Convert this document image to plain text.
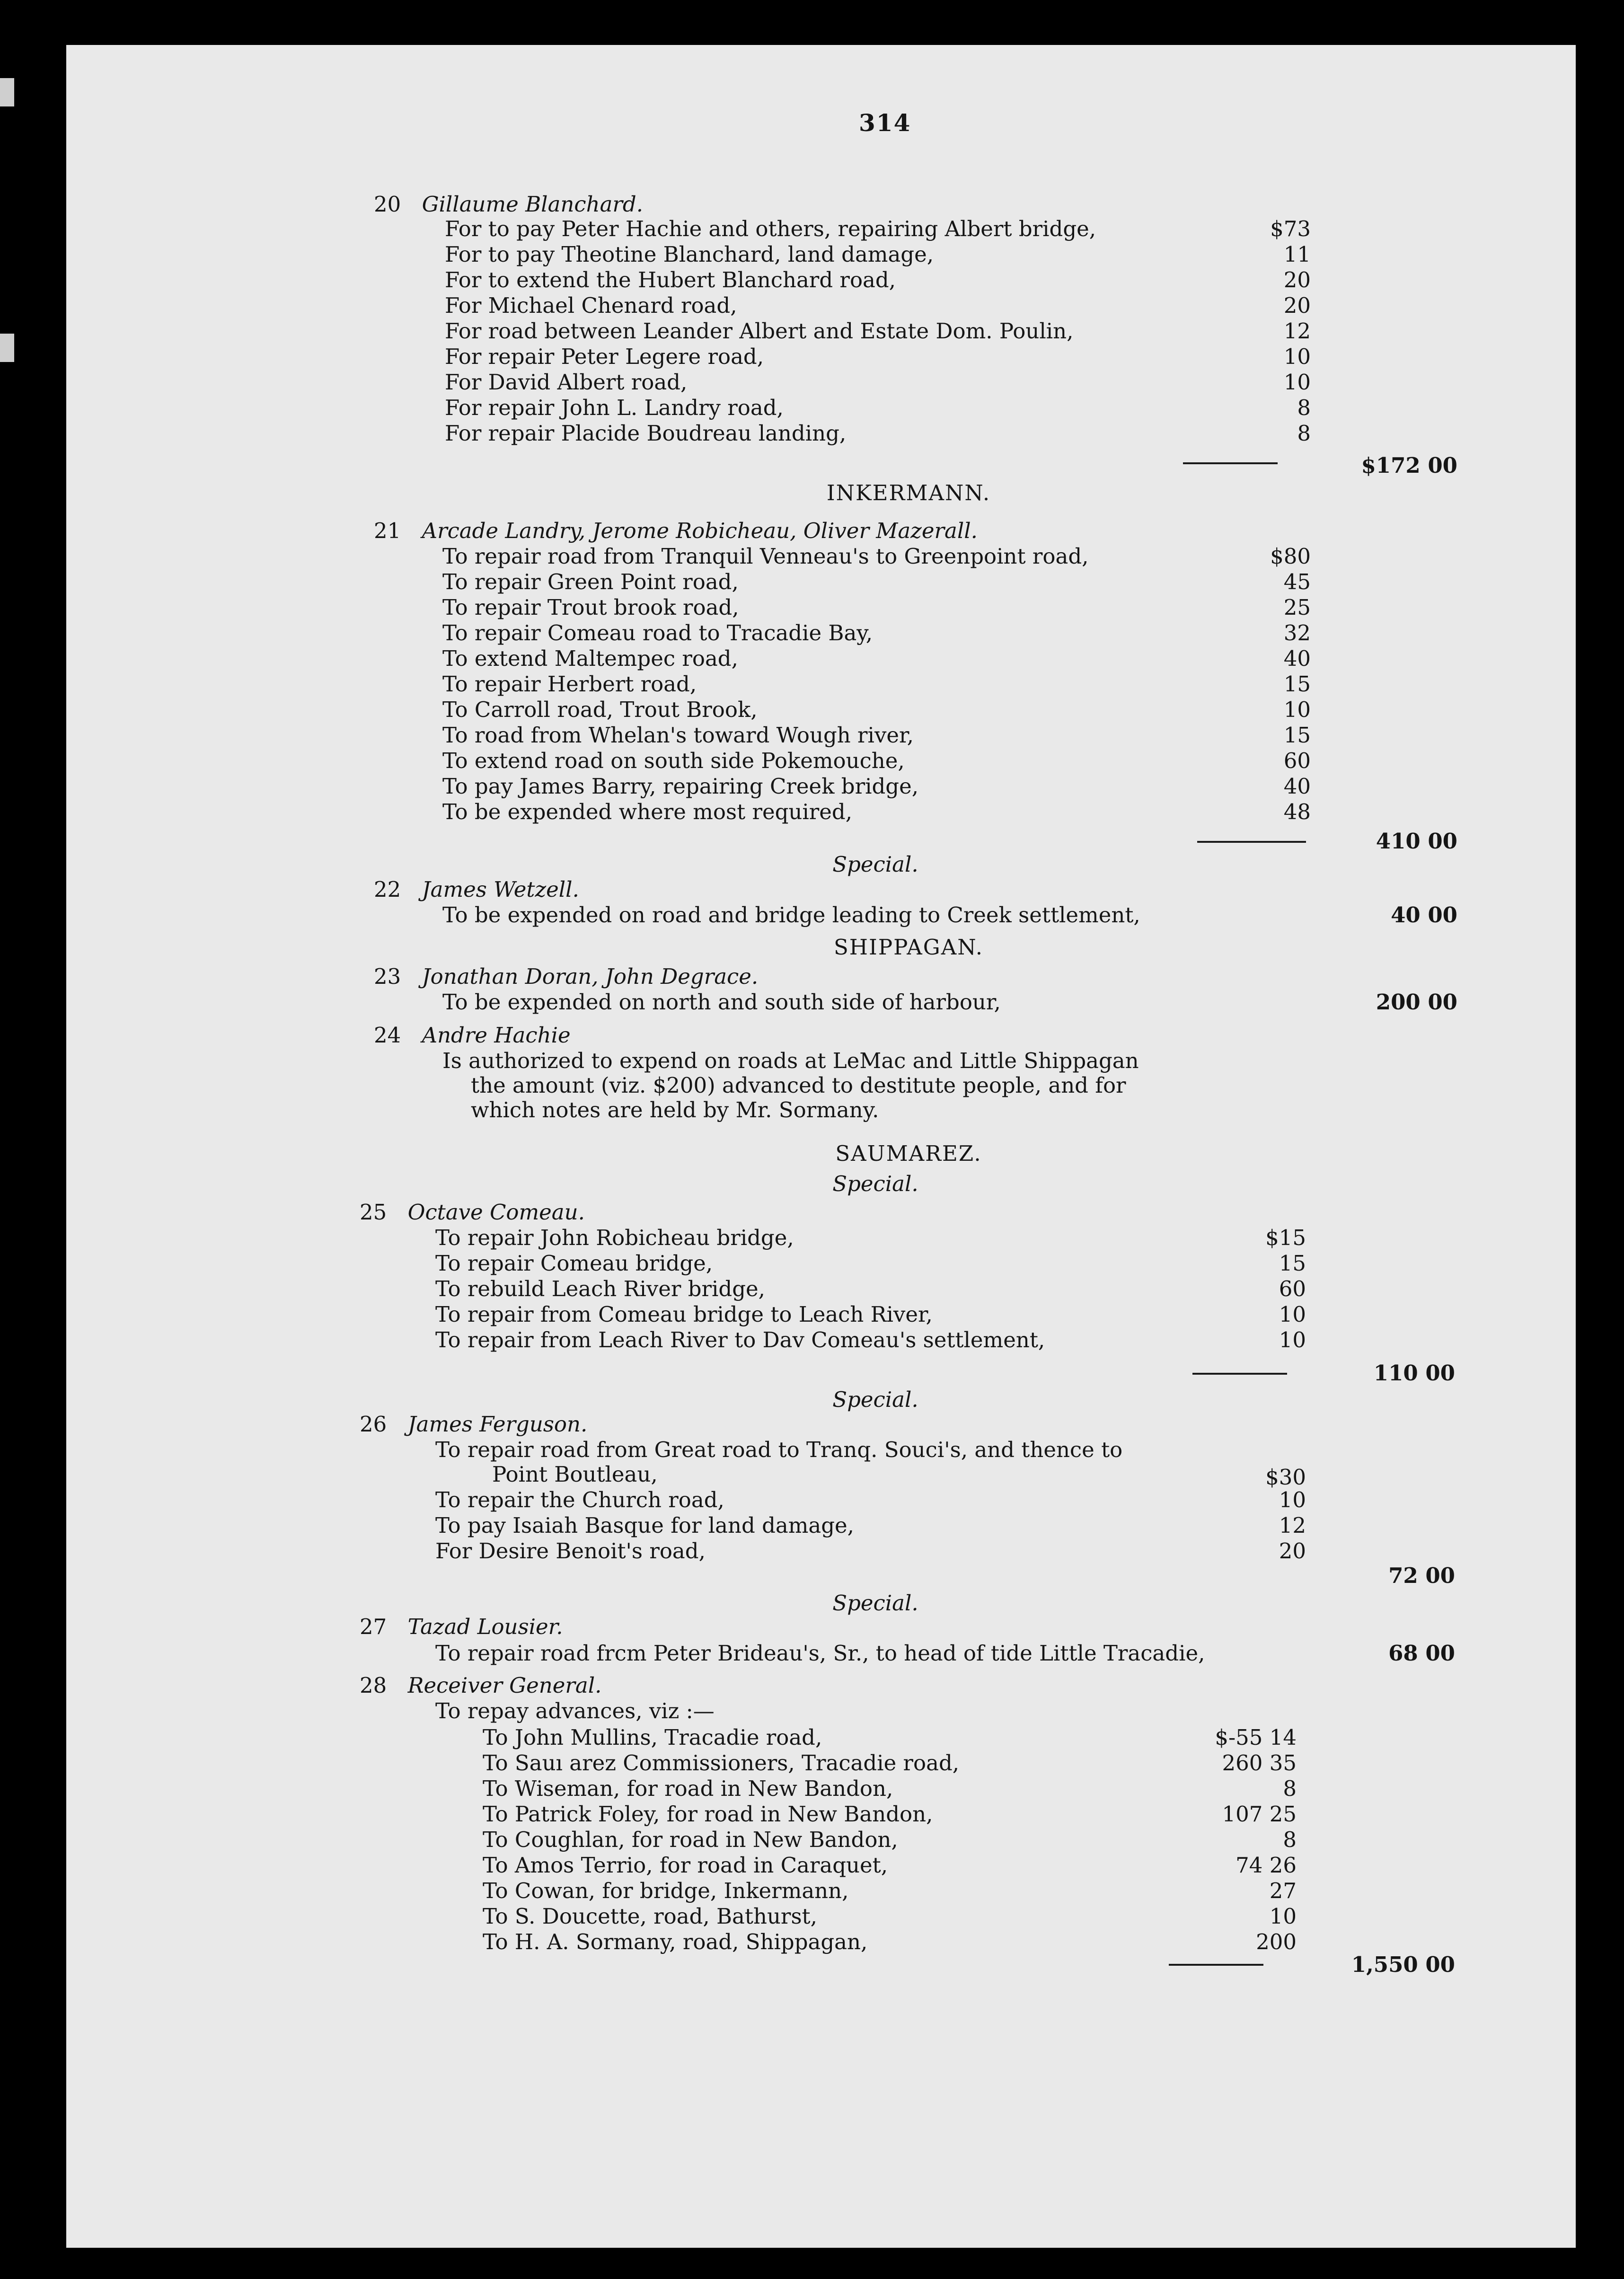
314
20 Gillaume Blanchard.
For to pay Peter Hachie and others, repairing Albert bridge,	$73
For to pay Theotine Blanchard, land damage,	11
For to extend the Hubert Blanchard road,	20
For Michael Chenard road,	20
For road between Leander Albert and Estate Dom. Poulin,	12
For repair Peter Legere road,	10
For David Albert road,	10
For repair John L. Landry road,	8
For repair Placide Boudreau landing,	8
$172 00
INKERMANN.
21 Arcade Landry, Jerome Robicheau, Oliver Mazerall.
To repair road from Tranquil Venneau's to Greenpoint road,	$80
To repair Green Point road,	45
To repair Trout brook road,	25
To repair Comeau road to Tracadie Bay,	32
To extend Maltempec road,	40
To repair Herbert road,	15
To Carroll road, Trout Brook,	10
To road from Whelan's toward Wough river,	15
To extend road on south side Pokemouche,	60
To pay James Barry, repairing Creek bridge,	40
To be expended where most required,	48
410 00
Special.
22 James Wetzell.
To be expended on road and bridge leading to Creek settlement,	40 00
SHIPPAGAN.
23 Jonathan Doran, John Degrace.
To be expended on north and south side of harbour,	200 00
24 Andre Hachie
Is authorized to expend on roads at LeMac and Little Shippagan
the amount (viz. $200) advanced to destitute people, and for
which notes are held by Mr. Sormany.
SAUMAREZ.
Special.
25 Octave Comeau.
To repair John Robicheau bridge,	$15
To repair Comeau bridge,	15
To rebuild Leach River bridge,	60
To repair from Comeau bridge to Leach River,	10
To repair from Leach River to Dav Comeau's settlement,	10
110 00
Special.
26 James Ferguson.
To repair road from Great road to Tranq. Souci's, and thence to
Point Boutleau,	$30
To repair the Church road,	10
To pay Isaiah Basque for land damage,	12
For Desire Benoit's road,	20
72 00
Special.
27 Tazad Lousier.
To repair road frcm Peter Brideau's, Sr., to head of tide Little Tracadie,	68 00
28 Receiver General.
To repay advances, viz :—
To John Mullins, Tracadie road,	$-55 14
To Sauı arez Commissioners, Tracadie road,	260 35
To Wiseman, for road in New Bandon,	8
To Patrick Foley, for road in New Bandon,	107 25
To Coughlan, for road in New Bandon,	8
To Amos Terrio, for road in Caraquet,	74 26
To Cowan, for bridge, Inkermann,	27
To S. Doucette, road, Bathurst,	10
To H. A. Sormany, road, Shippagan,	200
1,550 00
